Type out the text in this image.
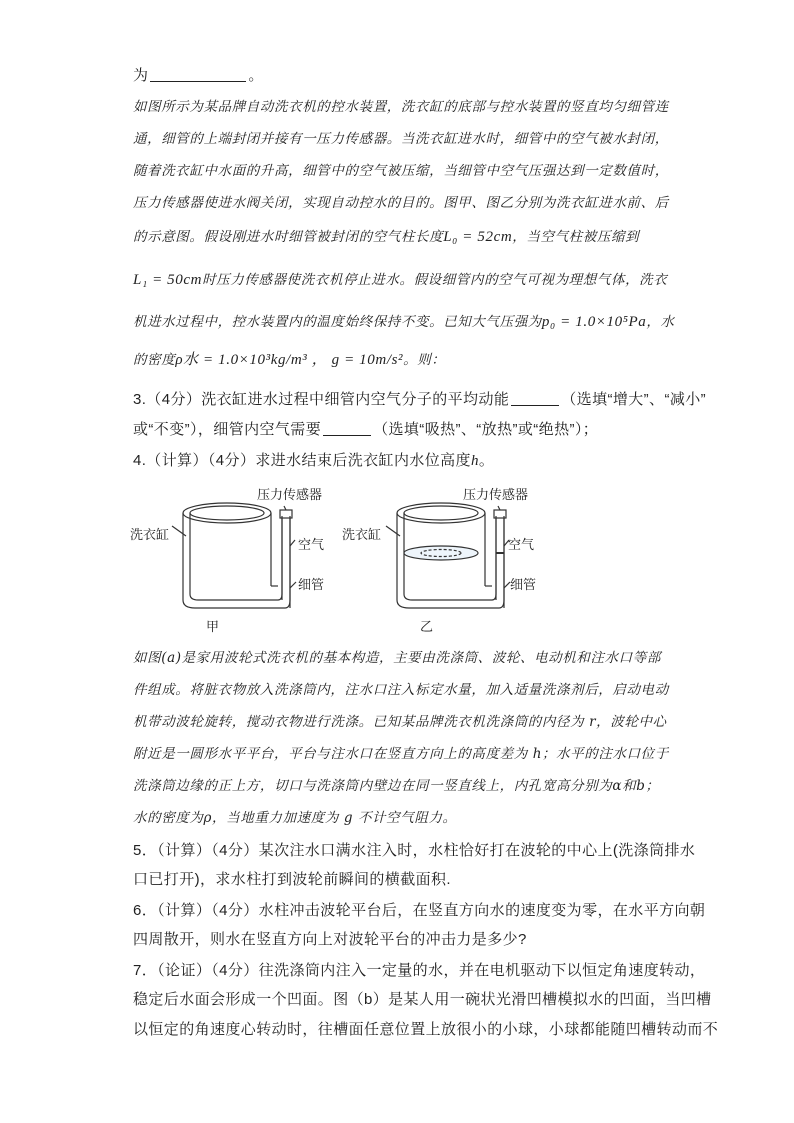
为	。
如图所示为某品牌自动洗衣机的控水装置，洗衣缸的底部与控水装置的竖直均匀细管连
通，细管的上端封闭并接有一压力传感器。当洗衣缸进水时，细管中的空气被水封闭，
随着洗衣缸中水面的升高，细管中的空气被压缩，当细管中空气压强达到一定数值时，
压力传感器使进水阀关闭，实现自动控水的目的。图甲、图乙分别为洗衣缸进水前、后
的示意图。假设刚进水时细管被封闭的空气柱长度L₀ = 52cm，当空气柱被压缩到
L₁ = 50cm时压力传感器使洗衣机停止进水。假设细管内的空气可视为理想气体，洗衣
机进水过程中，控水装置内的温度始终保持不变。已知大气压强为p₀ = 1.0×10⁵Pa，水
的密度ρ水 = 1.0×10³kg/m³ ， g = 10m/s²。则：
3.（4分）洗衣缸进水过程中细管内空气分子的平均动能	（选填“增大”、“减小”
或“不变”），细管内空气需要	（选填“吸热”、“放热”或“绝热”）；
4.（计算）（4分）求进水结束后洗衣缸内水位高度h。
压力传感器
洗衣缸
空气
细管
甲
压力传感器
洗衣缸
空气
细管
乙
如图(a)是家用波轮式洗衣机的基本构造，主要由洗涤筒、波轮、电动机和注水口等部
件组成。将脏衣物放入洗涤筒内，注水口注入标定水量，加入适量洗涤剂后，启动电动
机带动波轮旋转，搅动衣物进行洗涤。已知某品牌洗衣机洗涤筒的内径为 r，波轮中心
附近是一圆形水平平台，平台与注水口在竖直方向上的高度差为 h；水平的注水口位于
洗涤筒边缘的正上方，切口与洗涤筒内壁边在同一竖直线上，内孔宽高分别为α和b；
水的密度为ρ，当地重力加速度为 g 不计空气阻力。
5．（计算）（4分）某次注水口满水注入时，水柱恰好打在波轮的中心上(洗涤筒排水
口已打开)，求水柱打到波轮前瞬间的横截面积.
6．（计算）（4分）水柱冲击波轮平台后，在竖直方向水的速度变为零，在水平方向朝
四周散开，则水在竖直方向上对波轮平台的冲击力是多少?
7．（论证）（4分）往洗涤筒内注入一定量的水，并在电机驱动下以恒定角速度转动，
稳定后水面会形成一个凹面。图（b）是某人用一碗状光滑凹槽模拟水的凹面，当凹槽
以恒定的角速度心转动时，往槽面任意位置上放很小的小球，小球都能随凹槽转动而不
